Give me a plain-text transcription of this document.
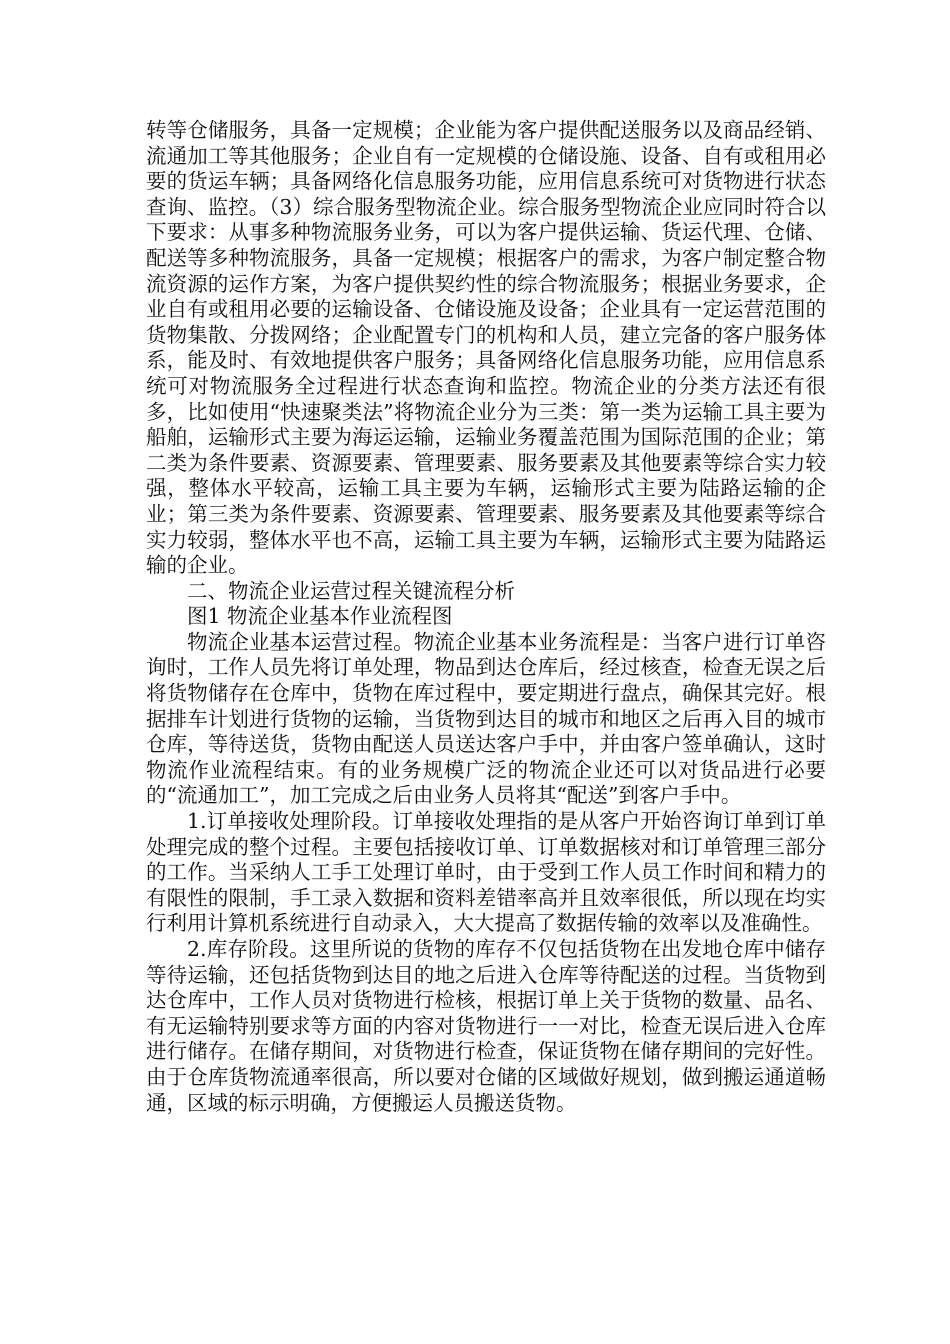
转等仓储服务，具备一定规模；企业能为客户提供配送服务以及商品经销、流通加工等其他服务；企业自有一定规模的仓储设施、设备、自有或租用必要的货运车辆；具备网络化信息服务功能，应用信息系统可对货物进行状态查询、监控。（3）综合服务型物流企业。综合服务型物流企业应同时符合以下要求：从事多种物流服务业务，可以为客户提供运输、货运代理、仓储、配送等多种物流服务，具备一定规模；根据客户的需求，为客户制定整合物流资源的运作方案，为客户提供契约性的综合物流服务；根据业务要求，企业自有或租用必要的运输设备、仓储设施及设备；企业具有一定运营范围的货物集散、分拨网络；企业配置专门的机构和人员，建立完备的客户服务体系，能及时、有效地提供客户服务；具备网络化信息服务功能，应用信息系统可对物流服务全过程进行状态查询和监控。物流企业的分类方法还有很多，比如使用“快速聚类法”将物流企业分为三类：第一类为运输工具主要为船舶，运输形式主要为海运运输，运输业务覆盖范围为国际范围的企业；第二类为条件要素、资源要素、管理要素、服务要素及其他要素等综合实力较强，整体水平较高，运输工具主要为车辆，运输形式主要为陆路运输的企业；第三类为条件要素、资源要素、管理要素、服务要素及其他要素等综合实力较弱，整体水平也不高，运输工具主要为车辆，运输形式主要为陆路运输的企业。

二、物流企业运营过程关键流程分析

图1 物流企业基本作业流程图

物流企业基本运营过程。物流企业基本业务流程是：当客户进行订单咨询时，工作人员先将订单处理，物品到达仓库后，经过核查，检查无误之后将货物储存在仓库中，货物在库过程中，要定期进行盘点，确保其完好。根据排车计划进行货物的运输，当货物到达目的城市和地区之后再入目的城市仓库，等待送货，货物由配送人员送达客户手中，并由客户签单确认，这时物流作业流程结束。有的业务规模广泛的物流企业还可以对货品进行必要的“流通加工”，加工完成之后由业务人员将其“配送”到客户手中。

1.订单接收处理阶段。订单接收处理指的是从客户开始咨询订单到订单处理完成的整个过程。主要包括接收订单、订单数据核对和订单管理三部分的工作。当采纳人工手工处理订单时，由于受到工作人员工作时间和精力的有限性的限制，手工录入数据和资料差错率高并且效率很低，所以现在均实行利用计算机系统进行自动录入，大大提高了数据传输的效率以及准确性。

2.库存阶段。这里所说的货物的库存不仅包括货物在出发地仓库中储存等待运输，还包括货物到达目的地之后进入仓库等待配送的过程。当货物到达仓库中，工作人员对货物进行检核，根据订单上关于货物的数量、品名、有无运输特别要求等方面的内容对货物进行一一对比，检查无误后进入仓库进行储存。在储存期间，对货物进行检查，保证货物在储存期间的完好性。由于仓库货物流通率很高，所以要对仓储的区域做好规划，做到搬运通道畅通，区域的标示明确，方便搬运人员搬送货物。
